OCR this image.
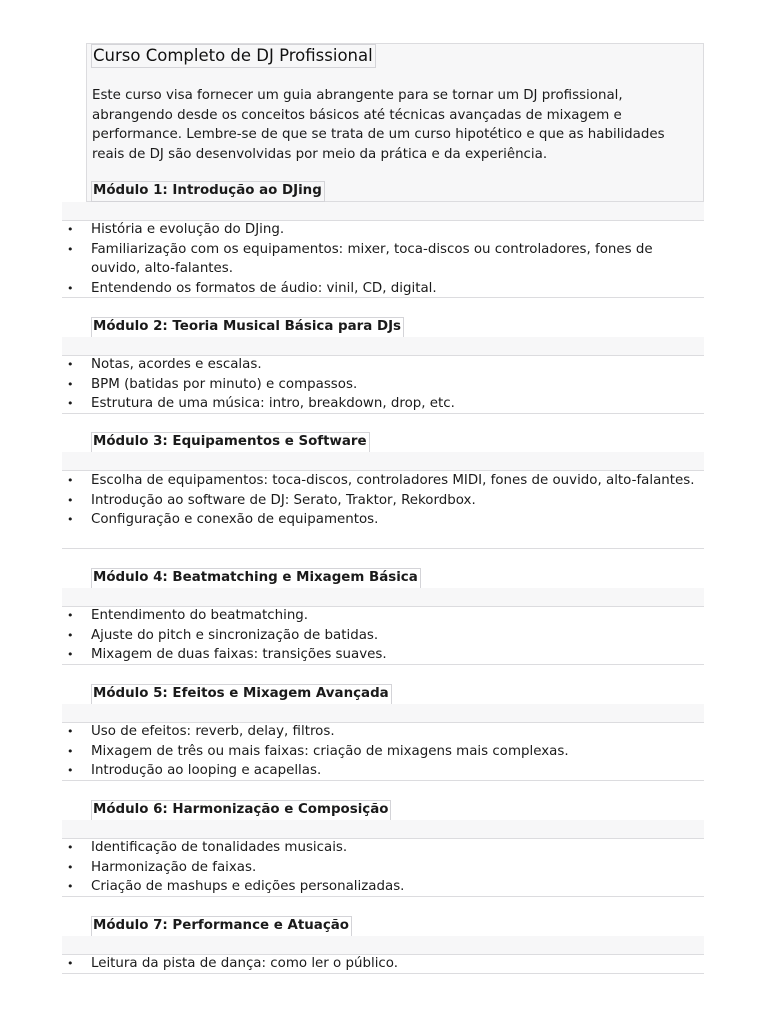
Curso Completo de DJ Profissional
Este curso visa fornecer um guia abrangente para se tornar um DJ profissional, abrangendo desde os conceitos básicos até técnicas avançadas de mixagem e performance. Lembre-se de que se trata de um curso hipotético e que as habilidades reais de DJ são desenvolvidas por meio da prática e da experiência.
Módulo 1: Introdução ao DJing
• História e evolução do DJing.
• Familiarização com os equipamentos: mixer, toca-discos ou controladores, fones de ouvido, alto-falantes.
• Entendendo os formatos de áudio: vinil, CD, digital.
Módulo 2: Teoria Musical Básica para DJs
• Notas, acordes e escalas.
• BPM (batidas por minuto) e compassos.
• Estrutura de uma música: intro, breakdown, drop, etc.
Módulo 3: Equipamentos e Software
• Escolha de equipamentos: toca-discos, controladores MIDI, fones de ouvido, alto-falantes.
• Introdução ao software de DJ: Serato, Traktor, Rekordbox.
• Configuração e conexão de equipamentos.
Módulo 4: Beatmatching e Mixagem Básica
• Entendimento do beatmatching.
• Ajuste do pitch e sincronização de batidas.
• Mixagem de duas faixas: transições suaves.
Módulo 5: Efeitos e Mixagem Avançada
• Uso de efeitos: reverb, delay, filtros.
• Mixagem de três ou mais faixas: criação de mixagens mais complexas.
• Introdução ao looping e acapellas.
Módulo 6: Harmonização e Composição
• Identificação de tonalidades musicais.
• Harmonização de faixas.
• Criação de mashups e edições personalizadas.
Módulo 7: Performance e Atuação
• Leitura da pista de dança: como ler o público.
